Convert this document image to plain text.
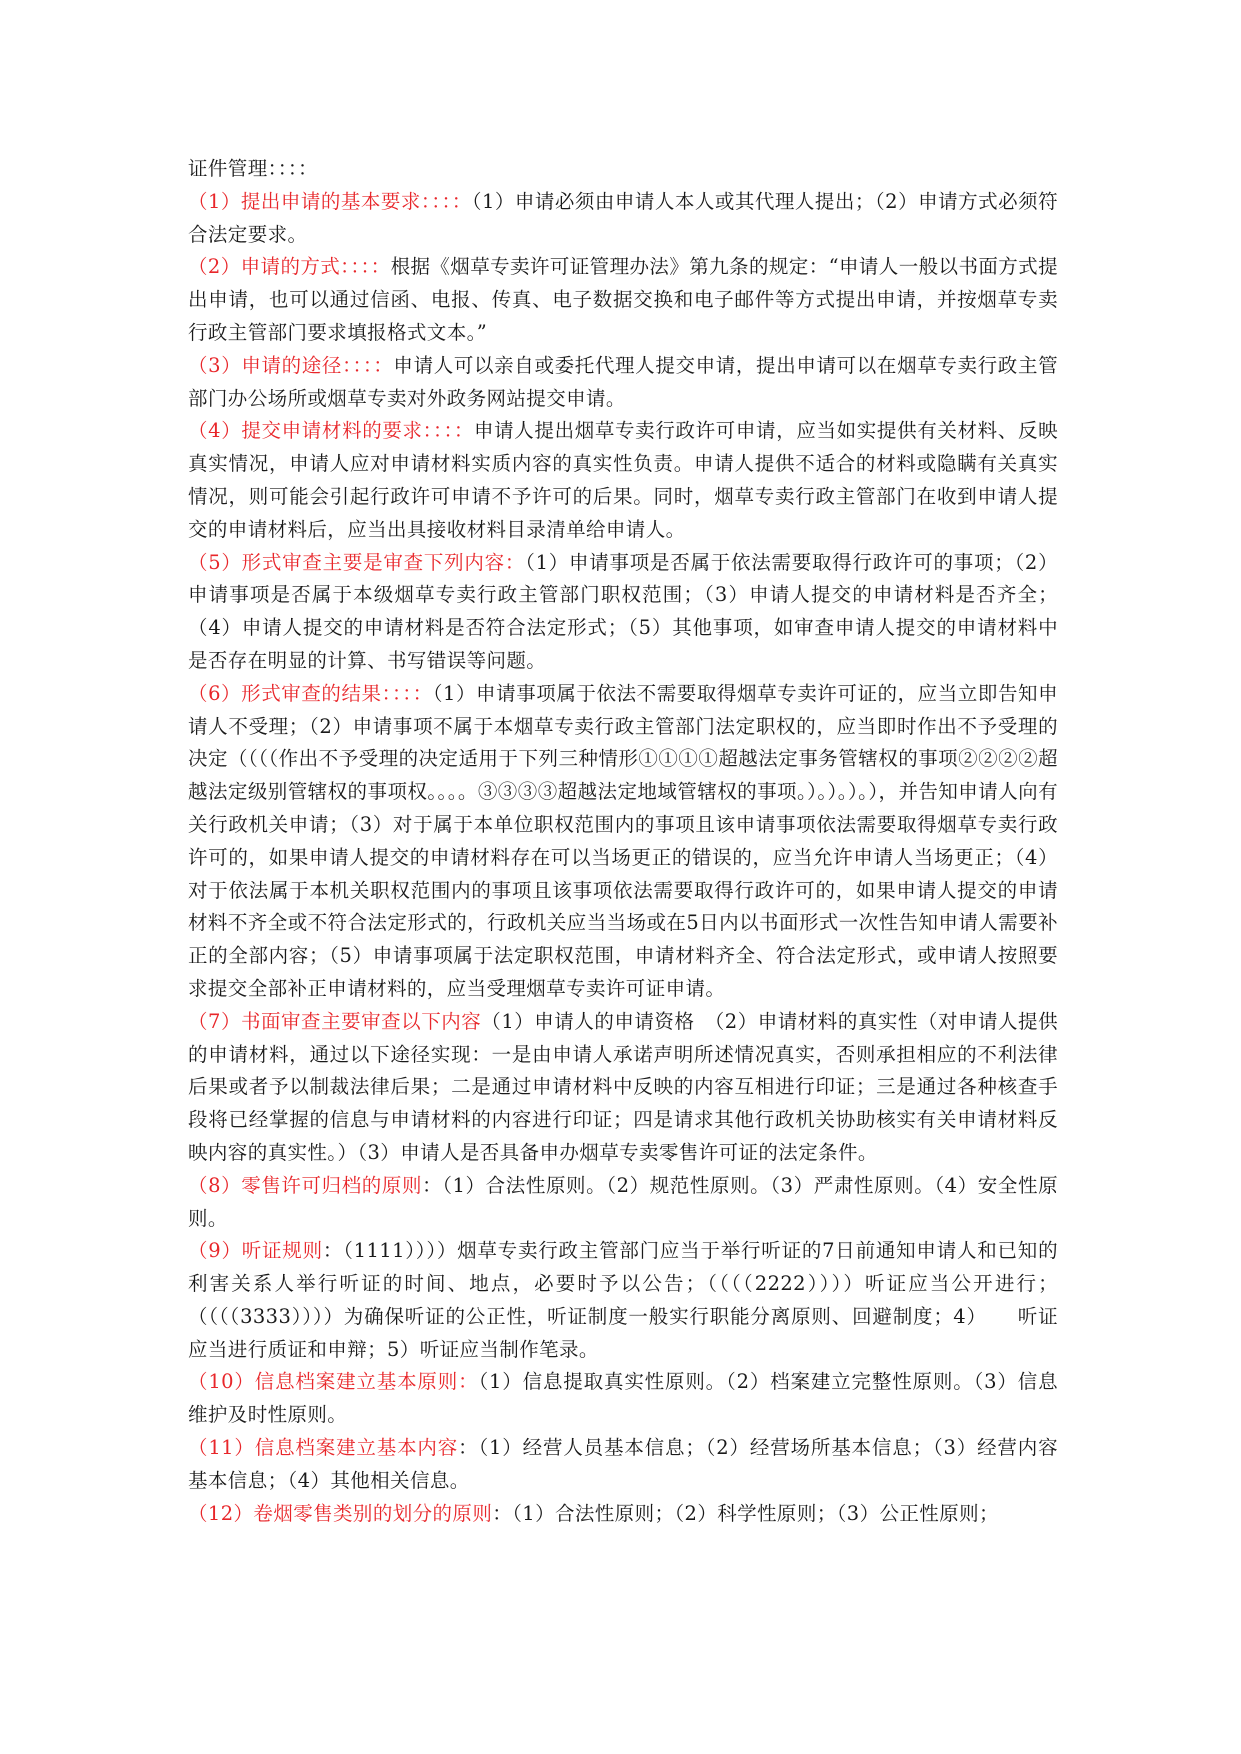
证件管理：：：：

（1）提出申请的基本要求：：：：（1）申请必须由申请人本人或其代理人提出；（2）申请方式必须符合法定要求。

（2）申请的方式：：：：根据《烟草专卖许可证管理办法》第九条的规定：“申请人一般以书面方式提出申请，也可以通过信函、电报、传真、电子数据交换和电子邮件等方式提出申请，并按烟草专卖行政主管部门要求填报格式文本。”

（3）申请的途径：：：：申请人可以亲自或委托代理人提交申请，提出申请可以在烟草专卖行政主管部门办公场所或烟草专卖对外政务网站提交申请。

（4）提交申请材料的要求：：：：申请人提出烟草专卖行政许可申请，应当如实提供有关材料、反映真实情况，申请人应对申请材料实质内容的真实性负责。申请人提供不适合的材料或隐瞒有关真实情况，则可能会引起行政许可申请不予许可的后果。同时，烟草专卖行政主管部门在收到申请人提交的申请材料后，应当出具接收材料目录清单给申请人。

（5）形式审查主要是审查下列内容：（1）申请事项是否属于依法需要取得行政许可的事项；（2）申请事项是否属于本级烟草专卖行政主管部门职权范围；（3）申请人提交的申请材料是否齐全；（4）申请人提交的申请材料是否符合法定形式；（5）其他事项，如审查申请人提交的申请材料中是否存在明显的计算、书写错误等问题。

（6）形式审查的结果：：：：（1）申请事项属于依法不需要取得烟草专卖许可证的，应当立即告知申请人不受理；（2）申请事项不属于本烟草专卖行政主管部门法定职权的，应当即时作出不予受理的决定（（（（作出不予受理的决定适用于下列三种情形①①①①超越法定事务管辖权的事项②②②②超越法定级别管辖权的事项权。。。。③③③③超越法定地域管辖权的事项。）。）。）。），并告知申请人向有关行政机关申请；（3）对于属于本单位职权范围内的事项且该申请事项依法需要取得烟草专卖行政许可的，如果申请人提交的申请材料存在可以当场更正的错误的，应当允许申请人当场更正；（4）对于依法属于本机关职权范围内的事项且该事项依法需要取得行政许可的，如果申请人提交的申请材料不齐全或不符合法定形式的，行政机关应当当场或在5日内以书面形式一次性告知申请人需要补正的全部内容；（5）申请事项属于法定职权范围，申请材料齐全、符合法定形式，或申请人按照要求提交全部补正申请材料的，应当受理烟草专卖许可证申请。

（7）书面审查主要审查以下内容（1）申请人的申请资格　（2）申请材料的真实性（对申请人提供的申请材料，通过以下途径实现：一是由申请人承诺声明所述情况真实，否则承担相应的不利法律后果或者予以制裁法律后果；二是通过申请材料中反映的内容互相进行印证；三是通过各种核查手段将已经掌握的信息与申请材料的内容进行印证；四是请求其他行政机关协助核实有关申请材料反映内容的真实性。）（3）申请人是否具备申办烟草专卖零售许可证的法定条件。

（8）零售许可归档的原则：（1）合法性原则。（2）规范性原则。（3）严肃性原则。（4）安全性原则。

（9）听证规则：（1111））））烟草专卖行政主管部门应当于举行听证的7日前通知申请人和已知的利害关系人举行听证的时间、地点，必要时予以公告；（（（（2222））））听证应当公开进行；（（（（3333））））为确保听证的公正性，听证制度一般实行职能分离原则、回避制度；4）　　听证应当进行质证和申辩；5）听证应当制作笔录。

（10）信息档案建立基本原则：（1）信息提取真实性原则。（2）档案建立完整性原则。（3）信息维护及时性原则。

（11）信息档案建立基本内容：（1）经营人员基本信息；（2）经营场所基本信息；（3）经营内容基本信息；（4）其他相关信息。

（12）卷烟零售类别的划分的原则：（1）合法性原则；（2）科学性原则；（3）公正性原则；
